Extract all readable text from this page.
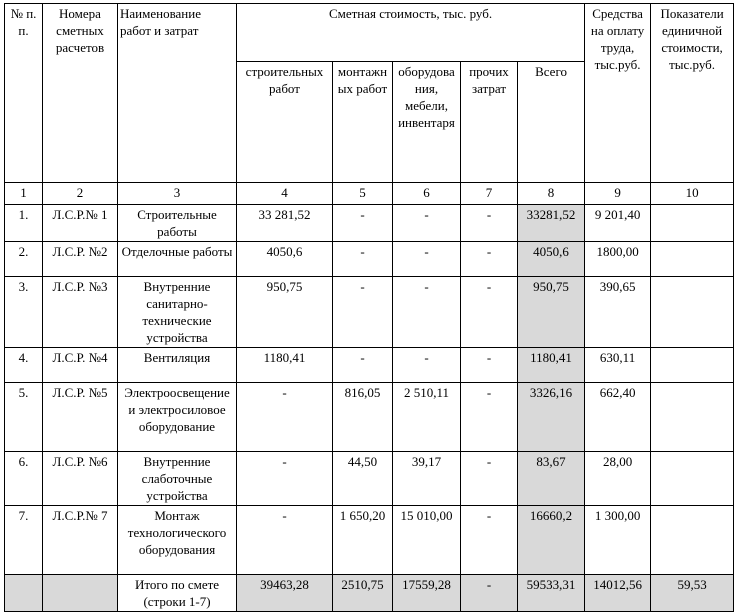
№ п. п.	Номера сметных расчетов	Наименование работ и затрат	Сметная стоимость, тыс. руб.					Средства на оплату труда, тыс.руб.	Показатели единичной стоимости, тыс.руб.
			строительных работ	монтажных работ	оборудования, мебели, инвентаря	прочих затрат	Всего		
1	2	3	4	5	6	7	8	9	10
1.	Л.С.Р.№ 1	Строительные работы	33 281,52	-	-	-	33281,52	9 201,40	
2.	Л.С.Р. №2	Отделочные работы	4050,6	-	-	-	4050,6	1800,00	
3.	Л.С.Р. №3	Внутренние санитарно-технические устройства	950,75	-	-	-	950,75	390,65	
4.	Л.С.Р. №4	Вентиляция	1180,41	-	-	-	1180,41	630,11	
5.	Л.С.Р. №5	Электроосвещение и электросиловое оборудование	-	816,05	2 510,11	-	3326,16	662,40	
6.	Л.С.Р. №6	Внутренние слаботочные устройства	-	44,50	39,17	-	83,67	28,00	
7.	Л.С.Р.№ 7	Монтаж технологического оборудования	-	1 650,20	15 010,00	-	16660,2	1 300,00	
		Итого по смете (строки 1-7)	39463,28	2510,75	17559,28	-	59533,31	14012,56	59,53
